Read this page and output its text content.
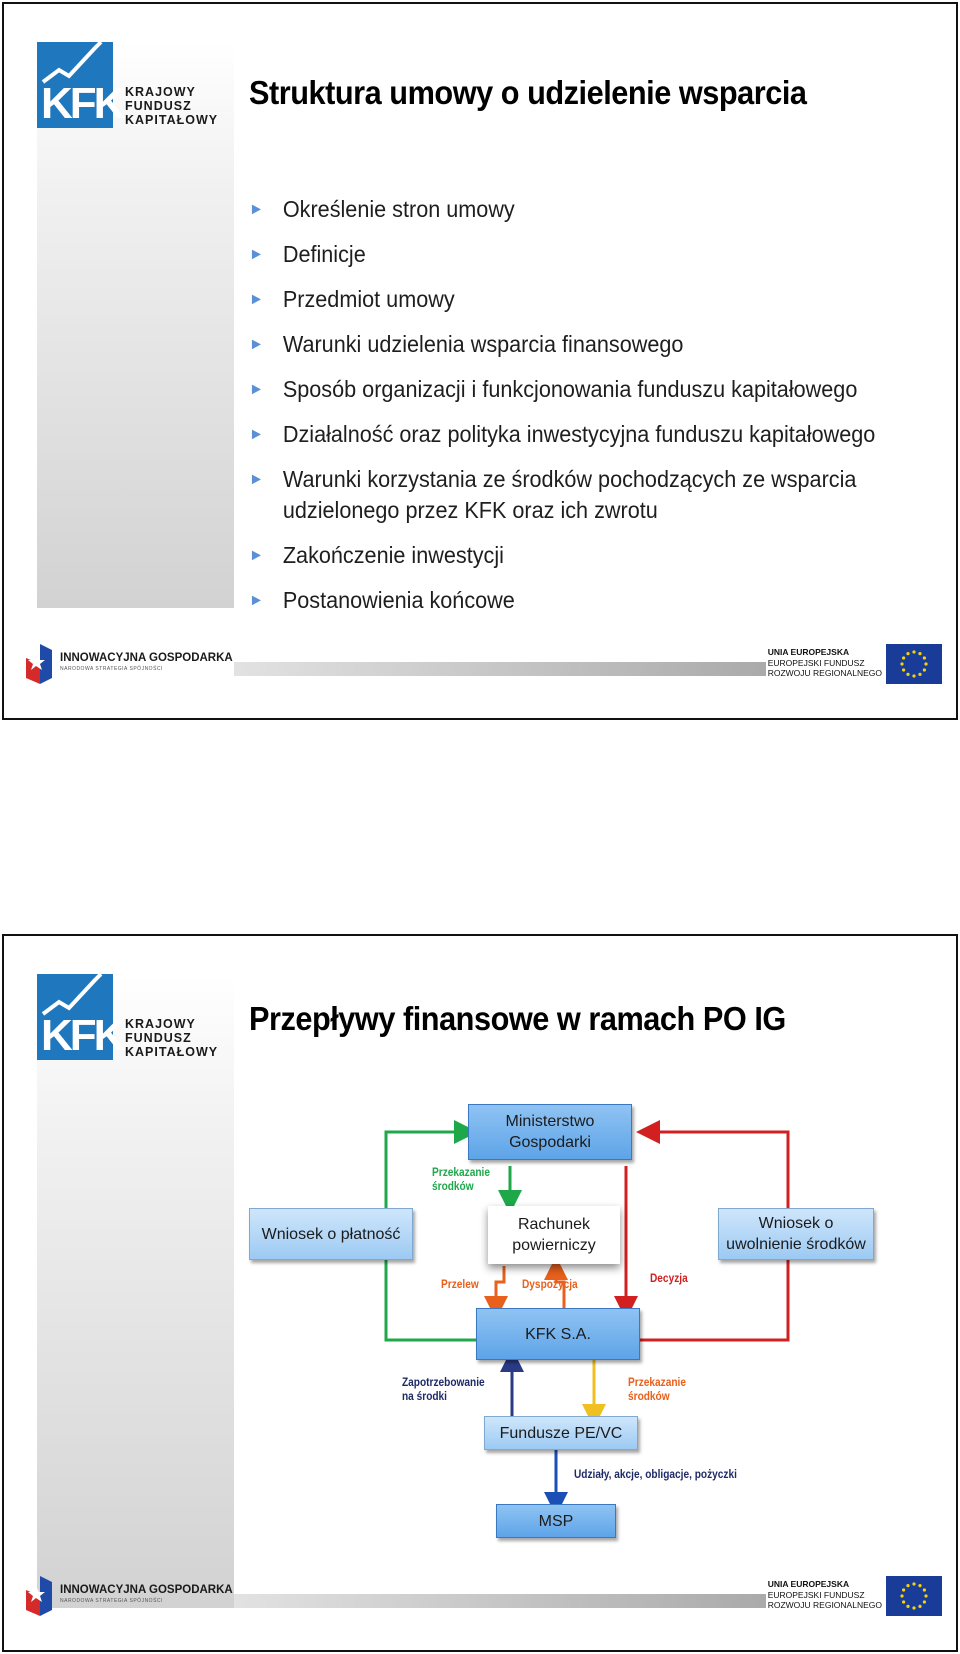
KFK KRAJOWY
FUNDUSZ
KAPITAŁOWY
Struktura umowy o udzielenie wsparcia
► Określenie stron umowy
► Definicje
► Przedmiot umowy
► Warunki udzielenia wsparcia finansowego
► Sposób organizacji i funkcjonowania funduszu kapitałowego
► Działalność oraz polityka inwestycyjna funduszu kapitałowego
► Warunki korzystania ze środków pochodzących ze wsparcia
udzielonego przez KFK oraz ich zwrotu
► Zakończenie inwestycji
► Postanowienia końcowe
INNOWACYJNA GOSPODARKA
NARODOWA STRATEGIA SPÓJNOŚCI
UNIA EUROPEJSKA
EUROPEJSKI FUNDUSZ
ROZWOJU REGIONALNEGO
KFK KRAJOWY
FUNDUSZ
KAPITAŁOWY
Przepływy finansowe w ramach PO IG
Ministerstwo Gospodarki
Wniosek o płatność
Rachunek powierniczy
Wniosek o uwolnienie środków
KFK S.A.
Fundusze PE/VC
MSP
Przekazanie
środków
Przelew	Dyspozycja	Decyzja
Zapotrzebowanie
na środki
Przekazanie
środków
Udziały, akcje, obligacje, pożyczki
INNOWACYJNA GOSPODARKA
NARODOWA STRATEGIA SPÓJNOŚCI
UNIA EUROPEJSKA
EUROPEJSKI FUNDUSZ
ROZWOJU REGIONALNEGO
